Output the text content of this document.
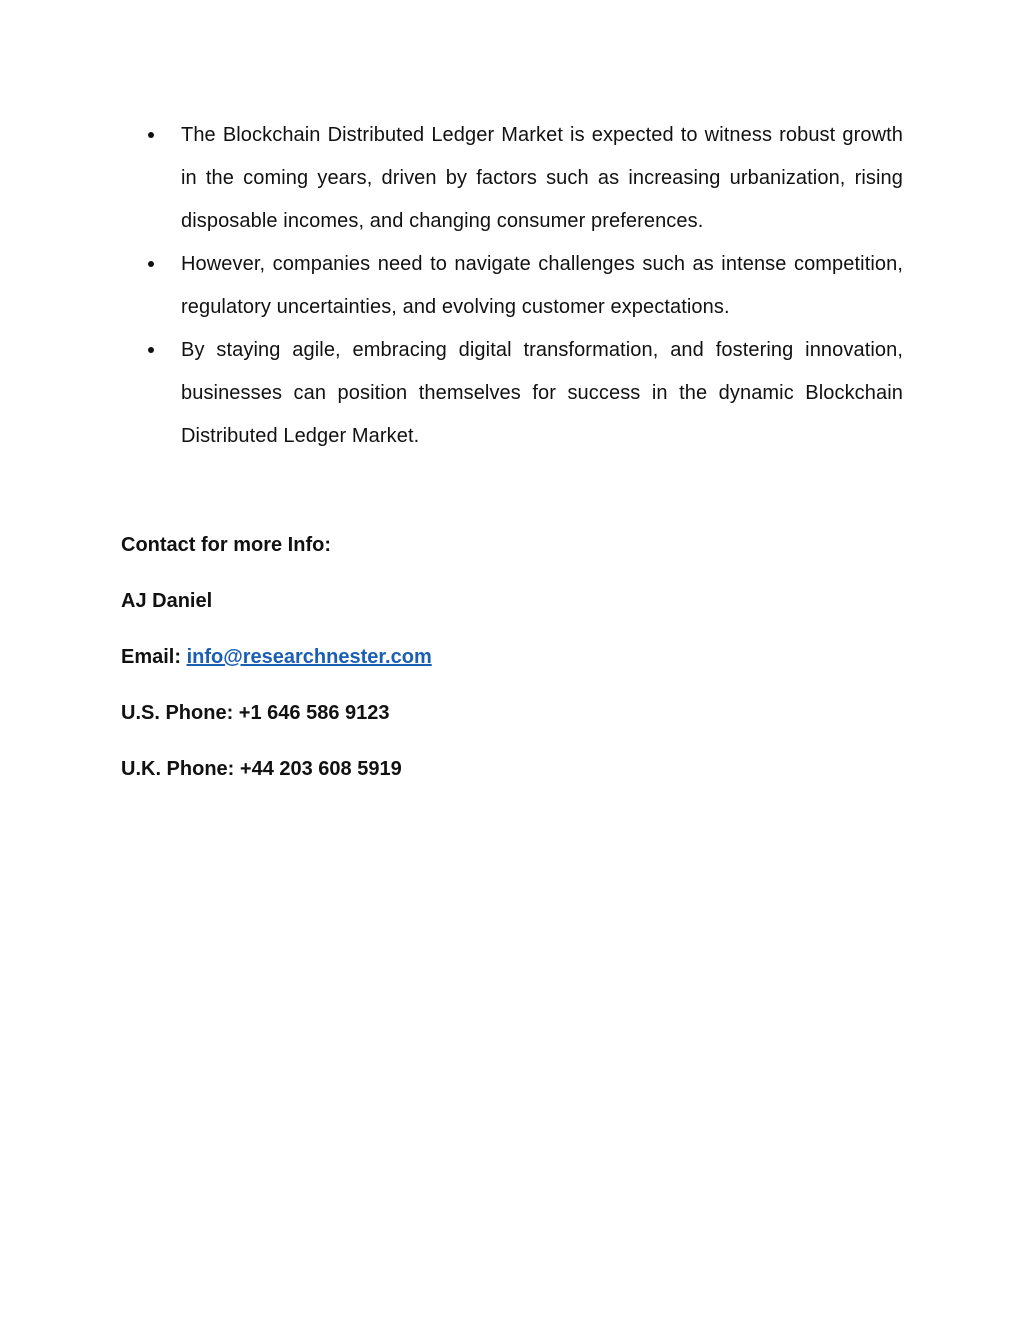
The Blockchain Distributed Ledger Market is expected to witness robust growth in the coming years, driven by factors such as increasing urbanization, rising disposable incomes, and changing consumer preferences.
However, companies need to navigate challenges such as intense competition, regulatory uncertainties, and evolving customer expectations.
By staying agile, embracing digital transformation, and fostering innovation, businesses can position themselves for success in the dynamic Blockchain Distributed Ledger Market.
Contact for more Info:
AJ Daniel
Email: info@researchnester.com
U.S. Phone: +1 646 586 9123
U.K. Phone: +44 203 608 5919
